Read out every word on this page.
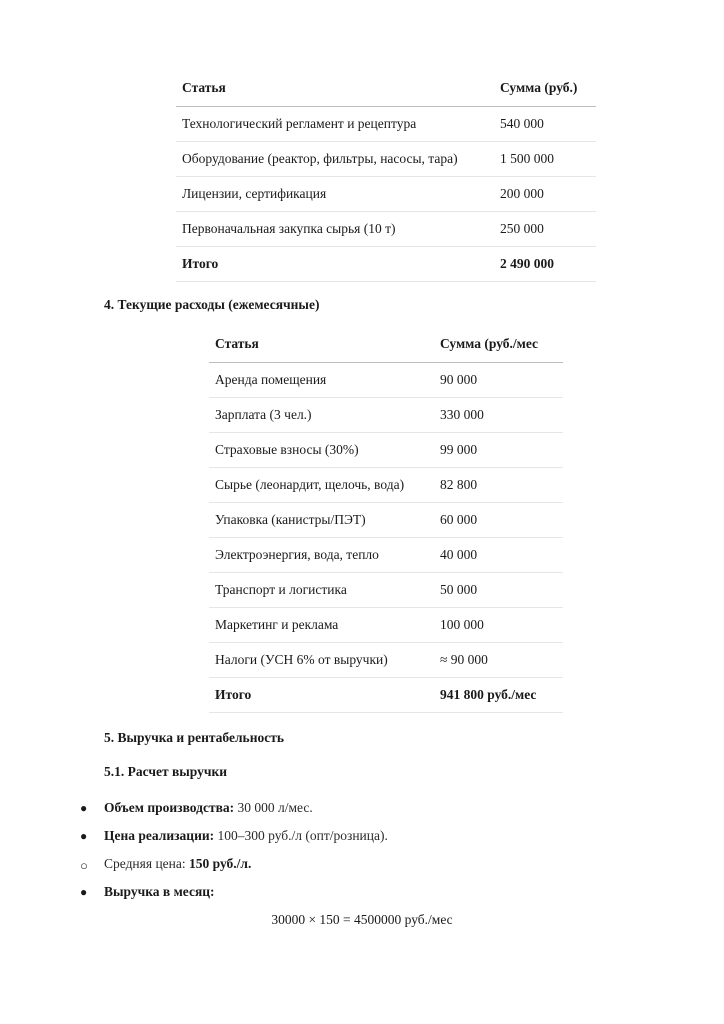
Статья	Сумма (руб.)
Технологический регламент и рецептура	540 000
Оборудование (реактор, фильтры, насосы, тара)	1 500 000
Лицензии, сертификация	200 000
Первоначальная закупка сырья (10 т)	250 000
Итого	2 490 000

4. Текущие расходы (ежемесячные)

Статья	Сумма (руб./мес
Аренда помещения	90 000
Зарплата (3 чел.)	330 000
Страховые взносы (30%)	99 000
Сырье (леонардит, щелочь, вода)	82 800
Упаковка (канистры/ПЭТ)	60 000
Электроэнергия, вода, тепло	40 000
Транспорт и логистика	50 000
Маркетинг и реклама	100 000
Налоги (УСН 6% от выручки)	≈ 90 000
Итого	941 800 руб./мес

5. Выручка и рентабельность

5.1. Расчет выручки

● Объем производства: 30 000 л/мес.

● Цена реализации: 100–300 руб./л (опт/розница).

○ Средняя цена: 150 руб./л.

● Выручка в месяц:

30000 × 150 = 4500000 руб./мес
